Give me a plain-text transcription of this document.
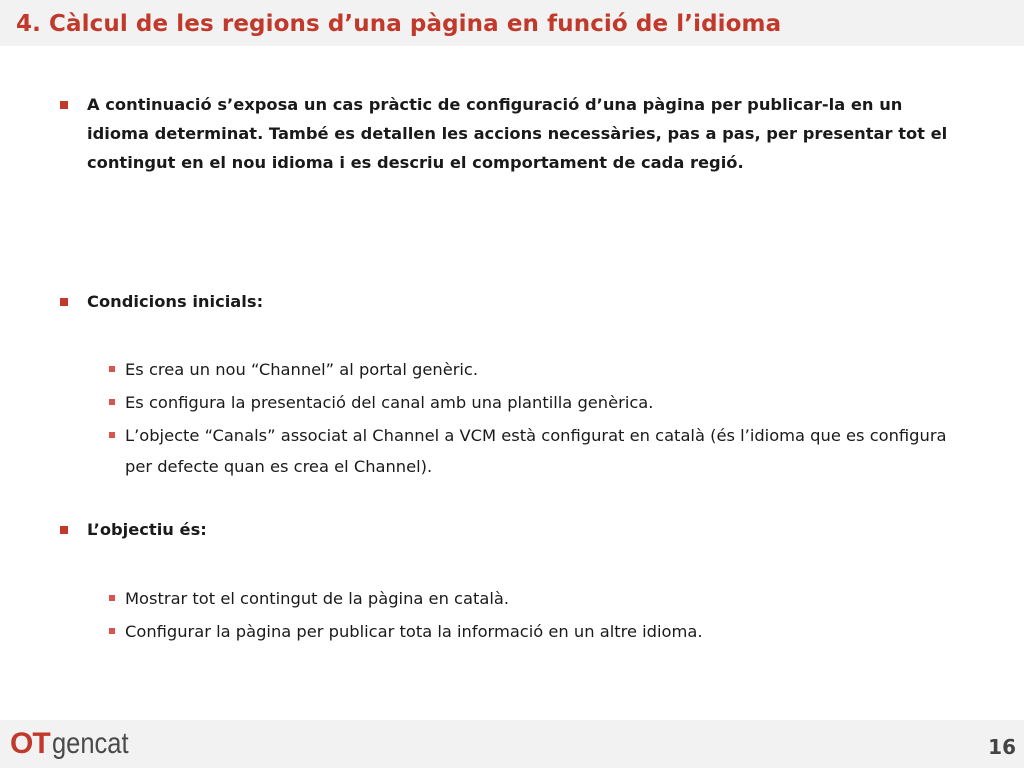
4. Càlcul de les regions d’una pàgina en funció de l’idioma
A continuació s’exposa un cas pràctic de configuració d’una pàgina per publicar-la en un idioma determinat. També es detallen les accions necessàries, pas a pas, per presentar tot el contingut en el nou idioma i es descriu el comportament de cada regió.
Condicions inicials:
Es crea un nou “Channel” al portal genèric.
Es configura la presentació del canal amb una plantilla genèrica.
L’objecte “Canals” associat al Channel a VCM està configurat en català (és l’idioma que es configura per defecte quan es crea el Channel).
L’objectiu és:
Mostrar tot el contingut de la pàgina en català.
Configurar la pàgina per publicar tota la informació en un altre idioma.
OT gencat	16
